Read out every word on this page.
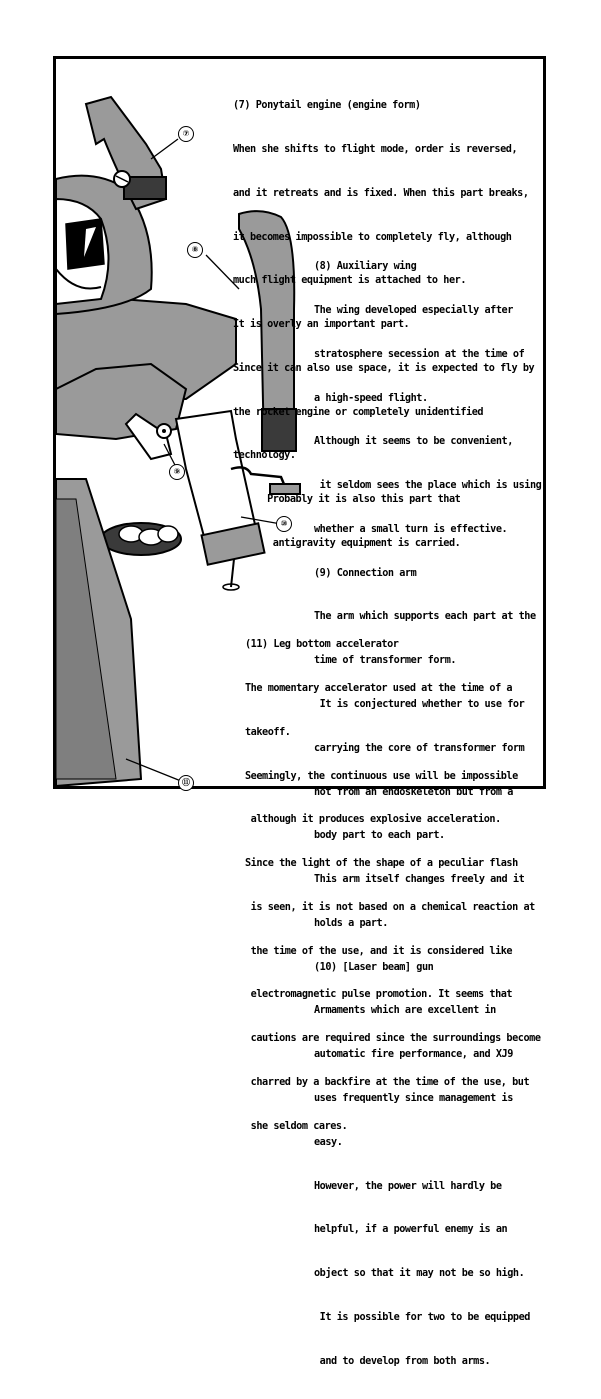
⑦
⑧
⑨
⑩
⑪

(7) Ponytail engine (engine form)

When she shifts to flight mode, order is reversed,

and it retreats and is fixed. When this part breaks,

it becomes impossible to completely fly, although

much flight equipment is attached to her.

It is overly an important part.

Since it can also use space, it is expected to fly by

the rocket engine or completely unidentified

technology.

Probably it is also this part that

antigravity equipment is carried.

(8) Auxiliary wing

The wing developed especially after

stratosphere secession at the time of

a high-speed flight.

Although it seems to be convenient,

it seldom sees the place which is using

whether a small turn is effective.

(9) Connection arm

The arm which supports each part at the

time of transformer form.

It is conjectured whether to use for

carrying the core of transformer form

not from an endoskeleton but from a

body part to each part.

This arm itself changes freely and it

holds a part.

(10) [Laser beam] gun

Armaments which are excellent in

automatic fire performance, and XJ9

uses frequently since management is

easy.

However, the power will hardly be

helpful, if a powerful enemy is an

object so that it may not be so high.

It is possible for two to be equipped

and to develop from both arms.

(11) Leg bottom accelerator

The momentary accelerator used at the time of a

takeoff.

Seemingly, the continuous use will be impossible

although it produces explosive acceleration.

Since the light of the shape of a peculiar flash

is seen, it is not based on a chemical reaction at

the time of the use, and it is considered like

electromagnetic pulse promotion. It seems that

cautions are required since the surroundings become

charred by a backfire at the time of the use, but

she seldom cares.
